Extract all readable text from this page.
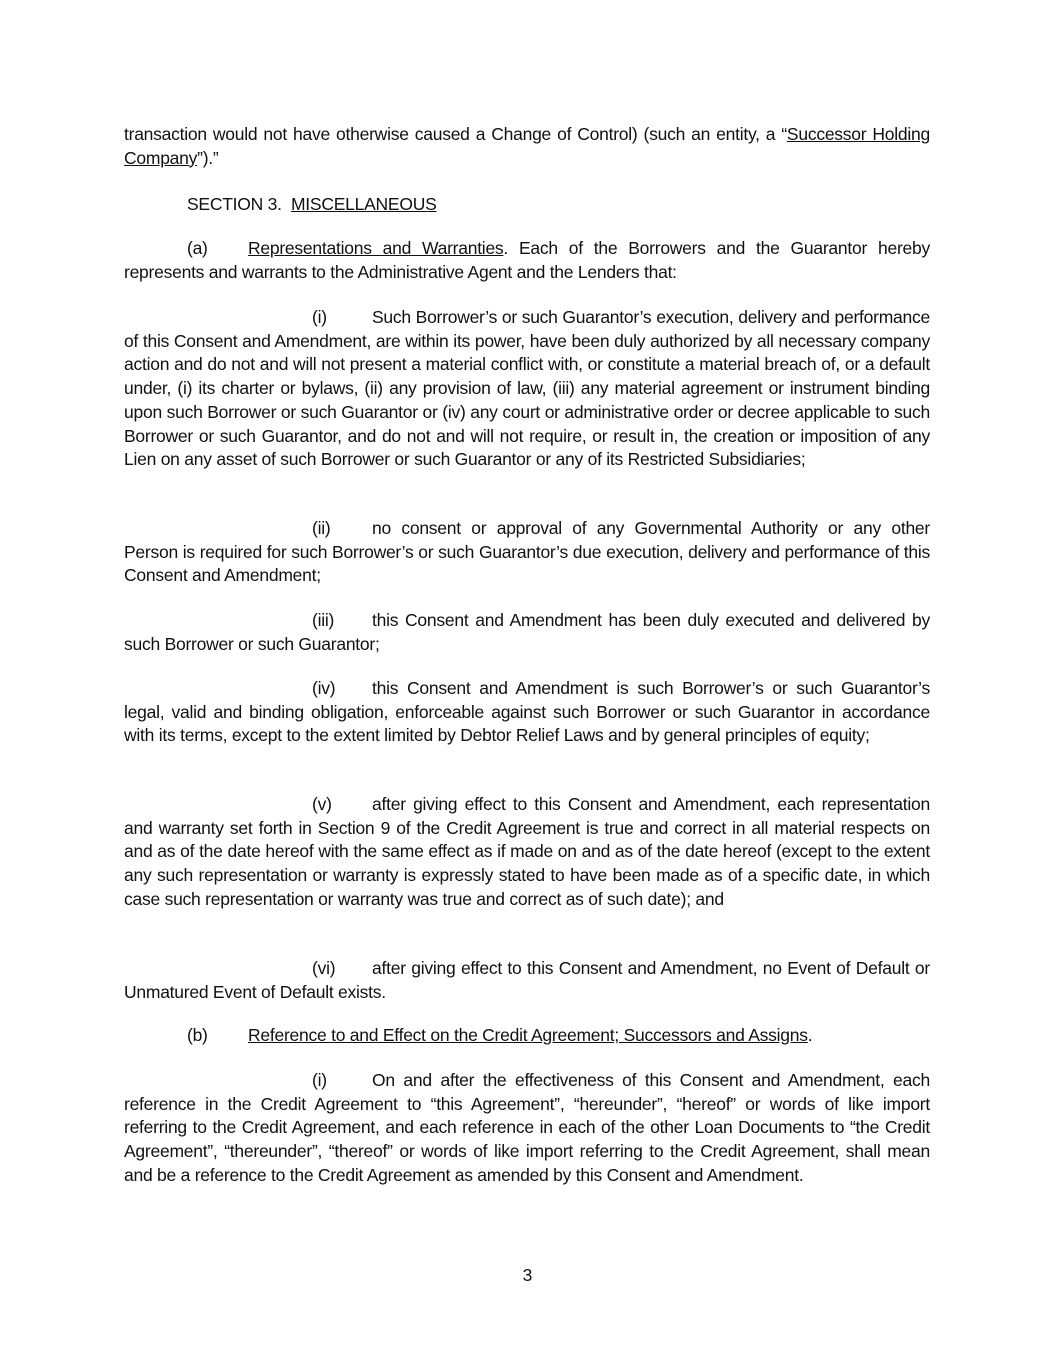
transaction would not have otherwise caused a Change of Control) (such an entity, a “Successor Holding Company”).”

SECTION 3. MISCELLANEOUS

(a) Representations and Warranties. Each of the Borrowers and the Guarantor hereby represents and warrants to the Administrative Agent and the Lenders that:

(i)	Such Borrower’s or such Guarantor’s execution, delivery and performance of this Consent and Amendment, are within its power, have been duly authorized by all necessary company action and do not and will not present a material conflict with, or constitute a material breach of, or a default under, (i) its charter or bylaws, (ii) any provision of law, (iii) any material agreement or instrument binding upon such Borrower or such Guarantor or (iv) any court or administrative order or decree applicable to such Borrower or such Guarantor, and do not and will not require, or result in, the creation or imposition of any Lien on any asset of such Borrower or such Guarantor or any of its Restricted Subsidiaries;

(ii) no consent or approval of any Governmental Authority or any other Person is required for such Borrower’s or such Guarantor’s due execution, delivery and performance of this Consent and Amendment;

(iii) this Consent and Amendment has been duly executed and delivered by such Borrower or such Guarantor;

(iv) this Consent and Amendment is such Borrower’s or such Guarantor’s legal, valid and binding obligation, enforceable against such Borrower or such Guarantor in accordance with its terms, except to the extent limited by Debtor Relief Laws and by general principles of equity;

(v) after giving effect to this Consent and Amendment, each representation and warranty set forth in Section 9 of the Credit Agreement is true and correct in all material respects on and as of the date hereof with the same effect as if made on and as of the date hereof (except to the extent any such representation or warranty is expressly stated to have been made as of a specific date, in which case such representation or warranty was true and correct as of such date); and

(vi) after giving effect to this Consent and Amendment, no Event of Default or Unmatured Event of Default exists.

(b) Reference to and Effect on the Credit Agreement; Successors and Assigns.

(i)	On and after the effectiveness of this Consent and Amendment, each reference in the Credit Agreement to “this Agreement”, “hereunder”, “hereof” or words of like import referring to the Credit Agreement, and each reference in each of the other Loan Documents to “the Credit Agreement”, “thereunder”, “thereof” or words of like import referring to the Credit Agreement, shall mean and be a reference to the Credit Agreement as amended by this Consent and Amendment.

3
